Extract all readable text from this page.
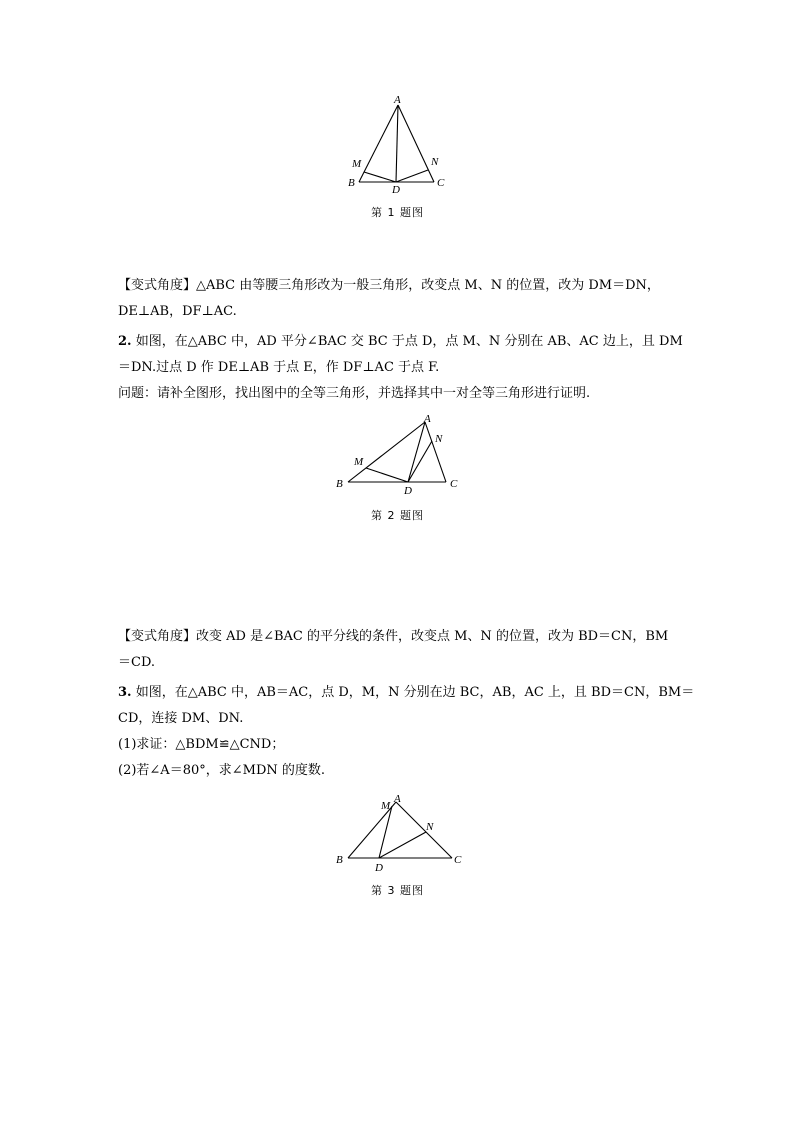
A
B	C
D
M	N
第 1 题图
【变式角度】△ABC 由等腰三角形改为一般三角形，改变点 M、N 的位置，改为 DM＝DN，
DE⊥AB，DF⊥AC.
2. 如图，在△ABC 中，AD 平分∠BAC 交 BC 于点 D，点 M、N 分别在 AB、AC 边上，且 DM
＝DN.过点 D 作 DE⊥AB 于点 E，作 DF⊥AC 于点 F.
问题：请补全图形，找出图中的全等三角形，并选择其中一对全等三角形进行证明.
A
B	C
D
M
N
第 2 题图
【变式角度】改变 AD 是∠BAC 的平分线的条件，改变点 M、N 的位置，改为 BD＝CN，BM
＝CD.
3. 如图，在△ABC 中，AB＝AC，点 D，M，N 分别在边 BC，AB，AC 上，且 BD＝CN，BM＝
CD，连接 DM、DN.
(1)求证：△BDM≌△CND；
(2)若∠A＝80°，求∠MDN 的度数.
A
M
B	C
D
N
第 3 题图
